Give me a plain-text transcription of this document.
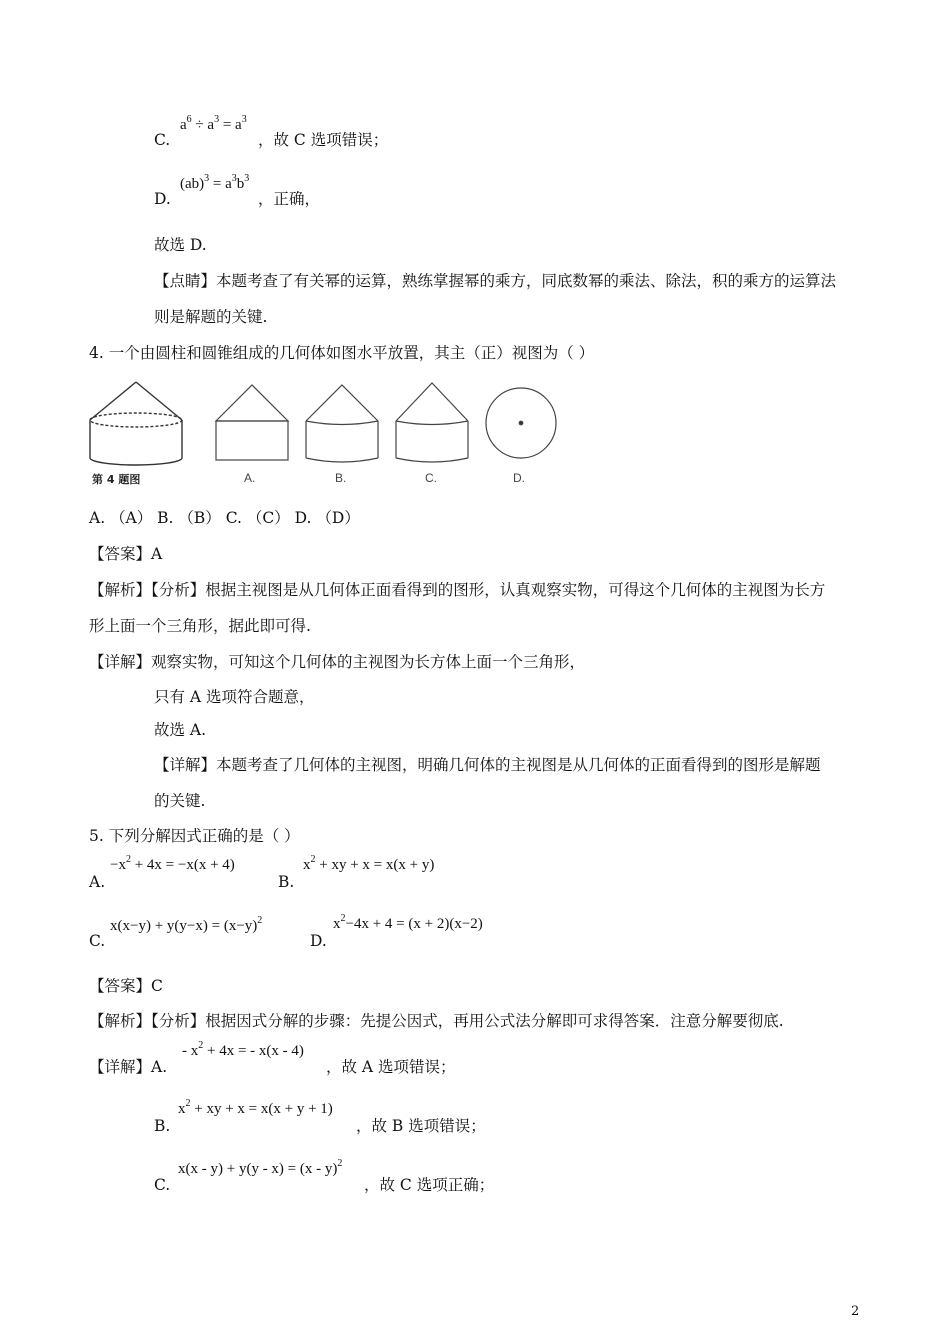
C.
$a^6 \div a^3 = a^3$
，故 C 选项错误；
D.
$(ab)^3 = a^3b^3$
，正确，
故选 D.
【点睛】本题考查了有关幂的运算，熟练掌握幂的乘方，同底数幂的乘法、除法，积的乘方的运算法
则是解题的关键.
4. 一个由圆柱和圆锥组成的几何体如图水平放置，其主（正）视图为（ ）
第 4 题图	A.	B.	C.	D.
A. （A） B. （B） C. （C） D. （D）
【答案】A
【解析】【分析】根据主视图是从几何体正面看得到的图形，认真观察实物，可得这个几何体的主视图为长方
形上面一个三角形，据此即可得.
【详解】观察实物，可知这个几何体的主视图为长方体上面一个三角形，
只有 A 选项符合题意，
故选 A.
【详解】本题考查了几何体的主视图，明确几何体的主视图是从几何体的正面看得到的图形是解题
的关键.
5. 下列分解因式正确的是（ ）
A.
$-x^2 + 4x = -x(x + 4)$
B.
$x^2$ + xy + x = x(x + y)
C.
$x(x-y) + y(y-x) = (x-y)^2$
D.
$x^2-4x + 4 = (x + 2)(x-2)$
【答案】C
【解析】【分析】根据因式分解的步骤：先提公因式，再用公式法分解即可求得答案．注意分解要彻底.
【详解】A.
- $x^2 + 4x$ = - x(x - 4)
，故 A 选项错误；
B.
$x^2$ + xy + x = x(x + y + 1)
，故 B 选项错误；
C.
x(x - y) + y(y - x) = (x - y)$^2$
，故 C 选项正确；
2
